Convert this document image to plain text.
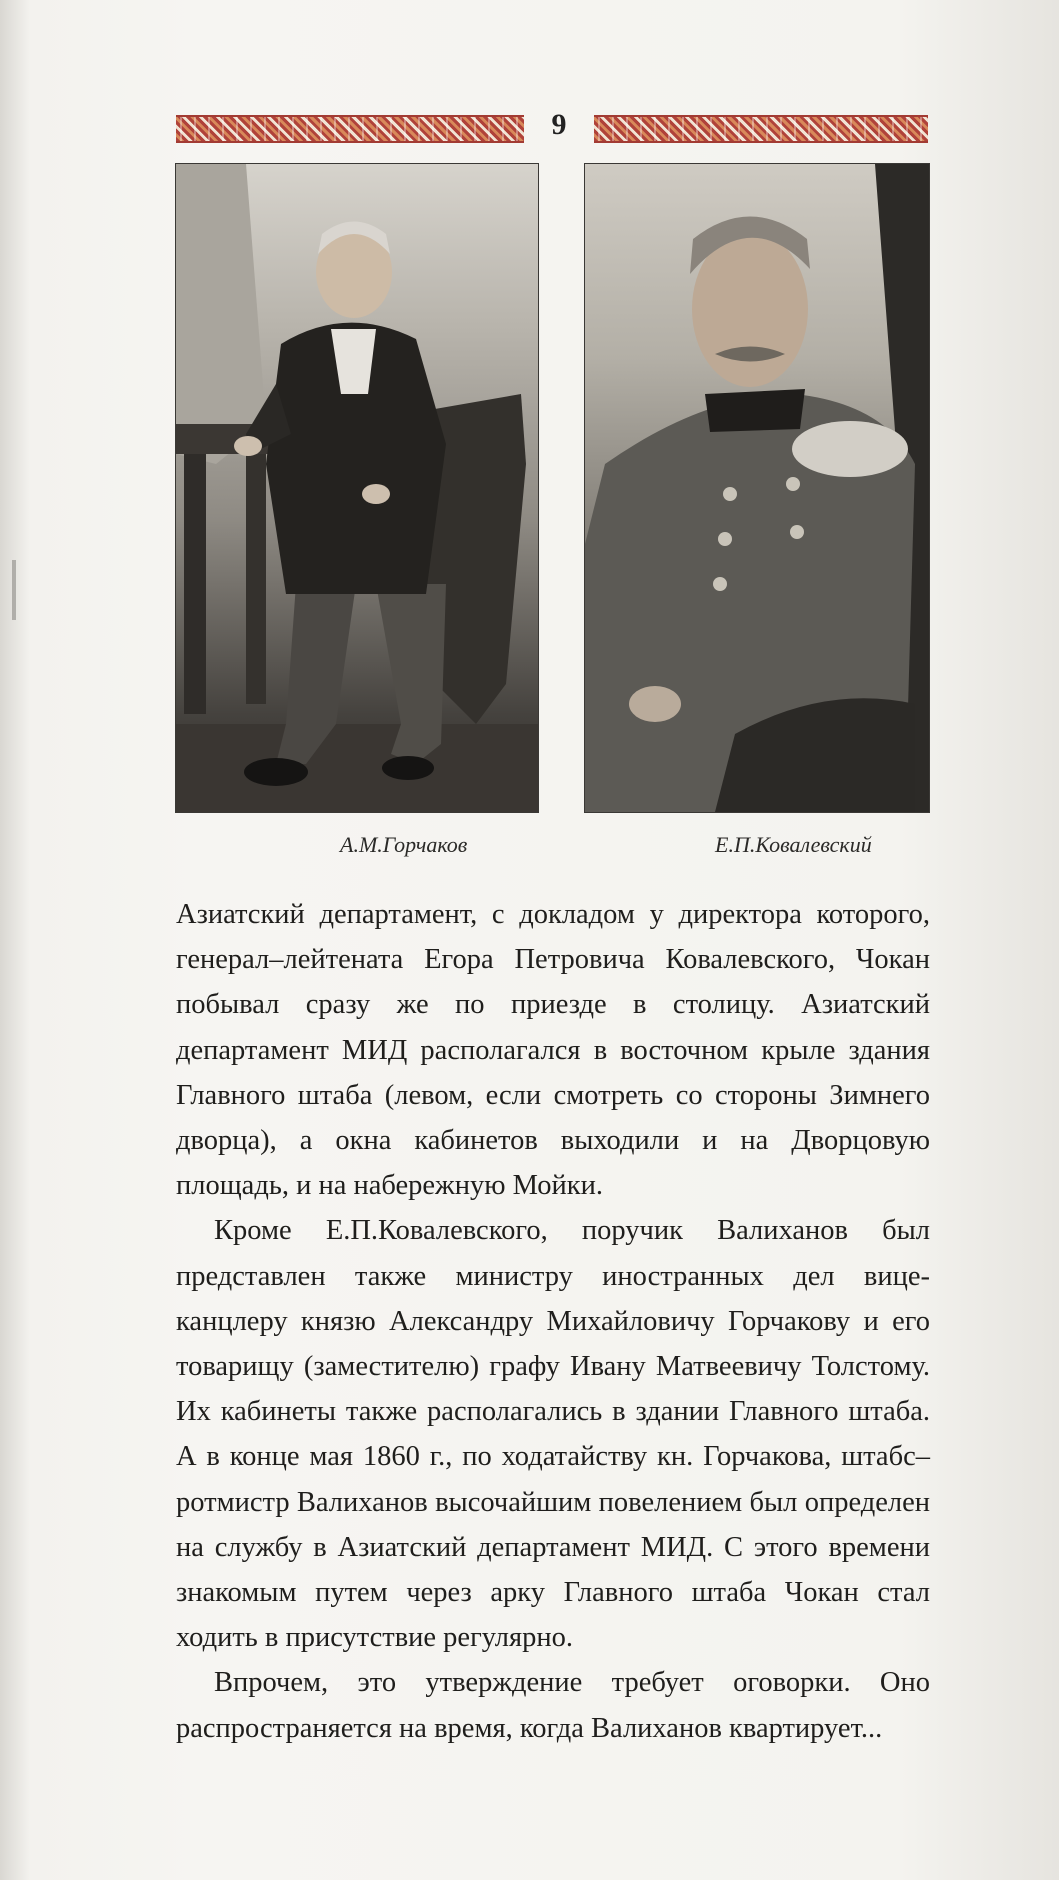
9
А.М.Горчаков	Е.П.Ковалевский

Азиатский департамент, с докладом у директора которого, генерал–лейтената Егора Петровича Ковалевского, Чокан побывал сразу же по приезде в столицу. Азиатский департамент МИД располагался в восточном крыле здания Главного штаба (левом, если смотреть со стороны Зимнего дворца), а окна кабинетов выходили и на Дворцовую площадь, и на набережную Мойки.

Кроме Е.П.Ковалевского, поручик Валиханов был представлен также министру иностранных дел вице-канцлеру князю Александру Михайловичу Горчакову и его товарищу (заместителю) графу Ивану Матвеевичу Толстому. Их кабинеты также располагались в здании Главного штаба. А в конце мая 1860 г., по ходатайству кн. Горчакова, штабс–ротмистр Валиханов высочайшим повелением был определен на службу в Азиатский департамент МИД. С этого времени знакомым путем через арку Главного штаба Чокан стал ходить в присутствие регулярно.

Впрочем, это утверждение требует оговорки. Оно распространяется на время, когда Валиханов квартирует...
